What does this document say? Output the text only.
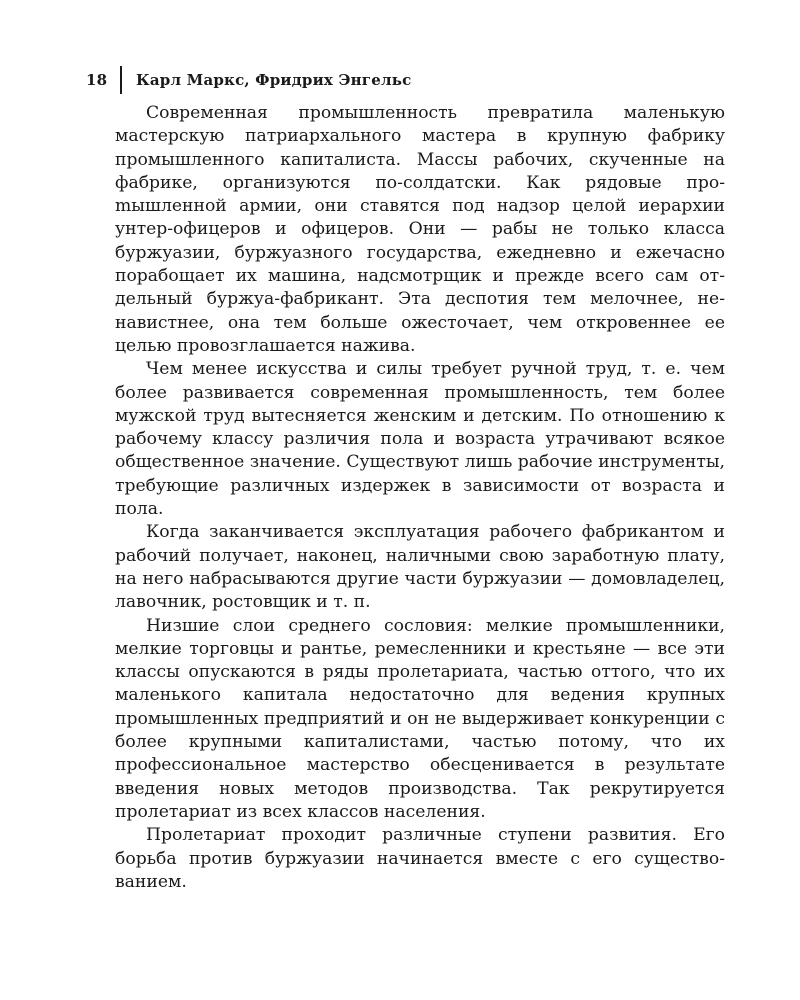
18	Карл Маркс, Фридрих Энгельс

Современная промышленность превратила маленькую мастерскую патриархального мастера в крупную фабрику промышленного капиталиста. Массы рабочих, скученные на фабрике, организуются по-солдатски. Как рядовые проmышленной армии, они ставятся под надзор целой иерархии унтер-офицеров и офицеров. Они — рабы не только класса буржуазии, буржуазного государства, ежедневно и ежечасно порабощает их машина, надсмотрщик и прежде всего сам отдельный буржуа-фабрикант. Эта деспотия тем мелочнее, ненавистнее, она тем больше ожесточает, чем откровеннее ее целью провозглашается нажива.

Чем менее искусства и силы требует ручной труд, т. е. чем более развивается современная промышленность, тем более мужской труд вытесняется женским и детским. По отношению к рабочему классу различия пола и возраста утрачивают всякое общественное значение. Существуют лишь рабочие инструменты, требующие различных издержек в зависимости от возраста и пола.

Когда заканчивается эксплуатация рабочего фабрикантом и рабочий получает, наконец, наличными свою заработную плату, на него набрасываются другие части буржуазии — домовладелец, лавочник, ростовщик и т. п.

Низшие слои среднего сословия: мелкие промышленники, мелкие торговцы и рантье, ремесленники и крестьяне — все эти классы опускаются в ряды пролетариата, частью оттого, что их маленького капитала недостаточно для ведения крупных промышленных предприятий и он не выдерживает конкуренции с более крупными капиталистами, частью потому, что их профессиональное мастерство обесценивается в результате введения новых методов производства. Так рекрутируется пролетариат из всех классов населения.

Пролетариат проходит различные ступени развития. Его борьба против буржуазии начинается вместе с его существованием.
